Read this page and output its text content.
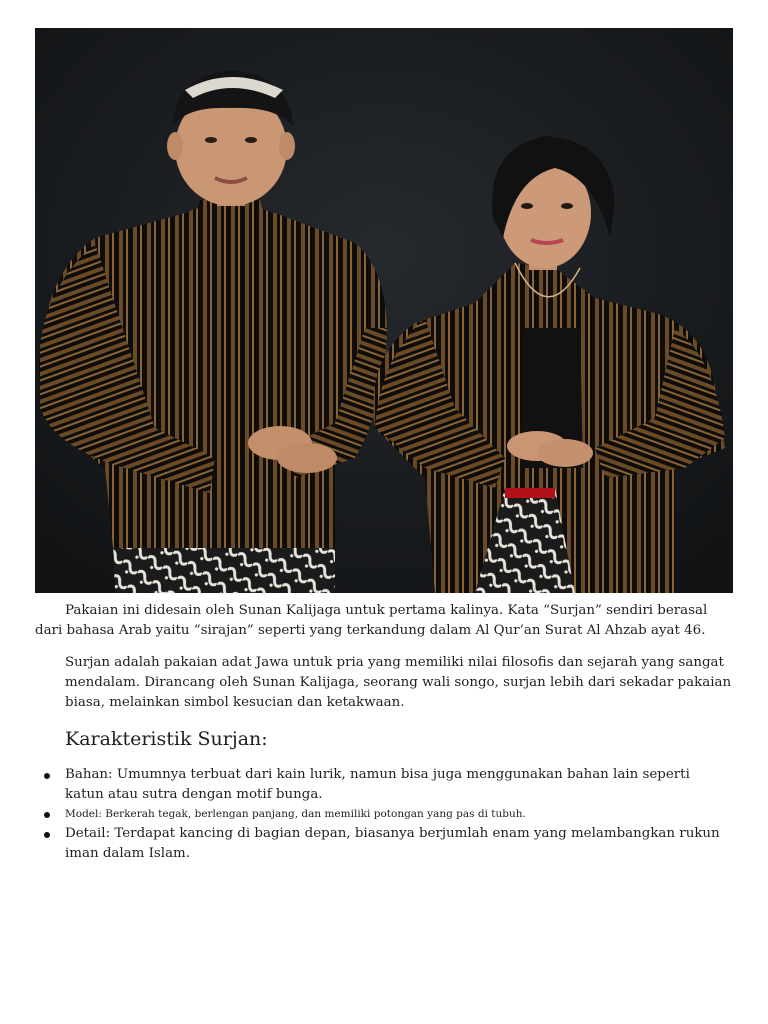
Pakaian ini didesain oleh Sunan Kalijaga untuk pertama kalinya. Kata “Surjan” sendiri berasal dari bahasa Arab yaitu “sirajan” seperti yang terkandung dalam Al Qur’an Surat Al Ahzab ayat 46.

Surjan adalah pakaian adat Jawa untuk pria yang memiliki nilai filosofis dan sejarah yang sangat mendalam. Dirancang oleh Sunan Kalijaga, seorang wali songo, surjan lebih dari sekadar pakaian biasa, melainkan simbol kesucian dan ketakwaan.

Karakteristik Surjan:
Bahan: Umumnya terbuat dari kain lurik, namun bisa juga menggunakan bahan lain seperti katun atau sutra dengan motif bunga.
Model: Berkerah tegak, berlengan panjang, dan memiliki potongan yang pas di tubuh.
Detail: Terdapat kancing di bagian depan, biasanya berjumlah enam yang melambangkan rukun iman dalam Islam.
